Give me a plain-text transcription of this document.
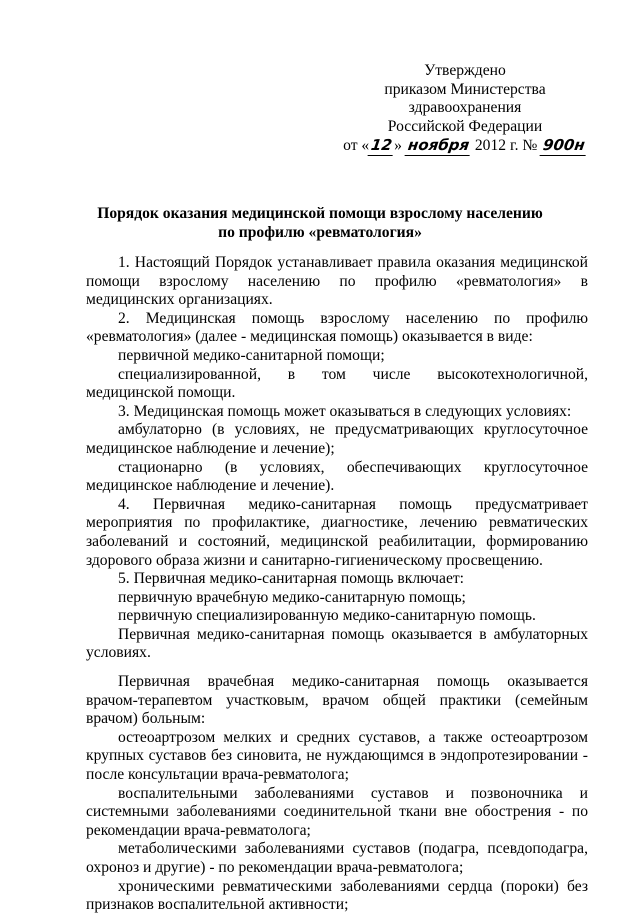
Утверждено
приказом Министерства
здравоохранения
Российской Федерации
от «12» ноября 2012 г. № 900н
Порядок оказания медицинской помощи взрослому населению
по профилю «ревматология»

1. Настоящий Порядок устанавливает правила оказания медицинской помощи взрослому населению по профилю «ревматология» в медицинских организациях.

2. Медицинская помощь взрослому населению по профилю «ревматология» (далее - медицинская помощь) оказывается в виде:

первичной медико-санитарной помощи;

специализированной, в том числе высокотехнологичной, медицинской помощи.

3. Медицинская помощь может оказываться в следующих условиях:

амбулаторно (в условиях, не предусматривающих круглосуточное медицинское наблюдение и лечение);

стационарно (в условиях, обеспечивающих круглосуточное медицинское наблюдение и лечение).

4. Первичная медико-санитарная помощь предусматривает мероприятия по профилактике, диагностике, лечению ревматических заболеваний и состояний, медицинской реабилитации, формированию здорового образа жизни и санитарно-гигиеническому просвещению.

5. Первичная медико-санитарная помощь включает:

первичную врачебную медико-санитарную помощь;

первичную специализированную медико-санитарную помощь.

Первичная медико-санитарная помощь оказывается в амбулаторных условиях.

Первичная врачебная медико-санитарная помощь оказывается врачом-терапевтом участковым, врачом общей практики (семейным врачом) больным:

остеоартрозом мелких и средних суставов, а также остеоартрозом крупных суставов без синовита, не нуждающимся в эндопротезировании - после консультации врача-ревматолога;

воспалительными заболеваниями суставов и позвоночника и системными заболеваниями соединительной ткани вне обострения - по рекомендации врача-ревматолога;

метаболическими заболеваниями суставов (подагра, псевдоподагра, охроноз и другие) - по рекомендации врача-ревматолога;

хроническими ревматическими заболеваниями сердца (пороки) без признаков воспалительной активности;
